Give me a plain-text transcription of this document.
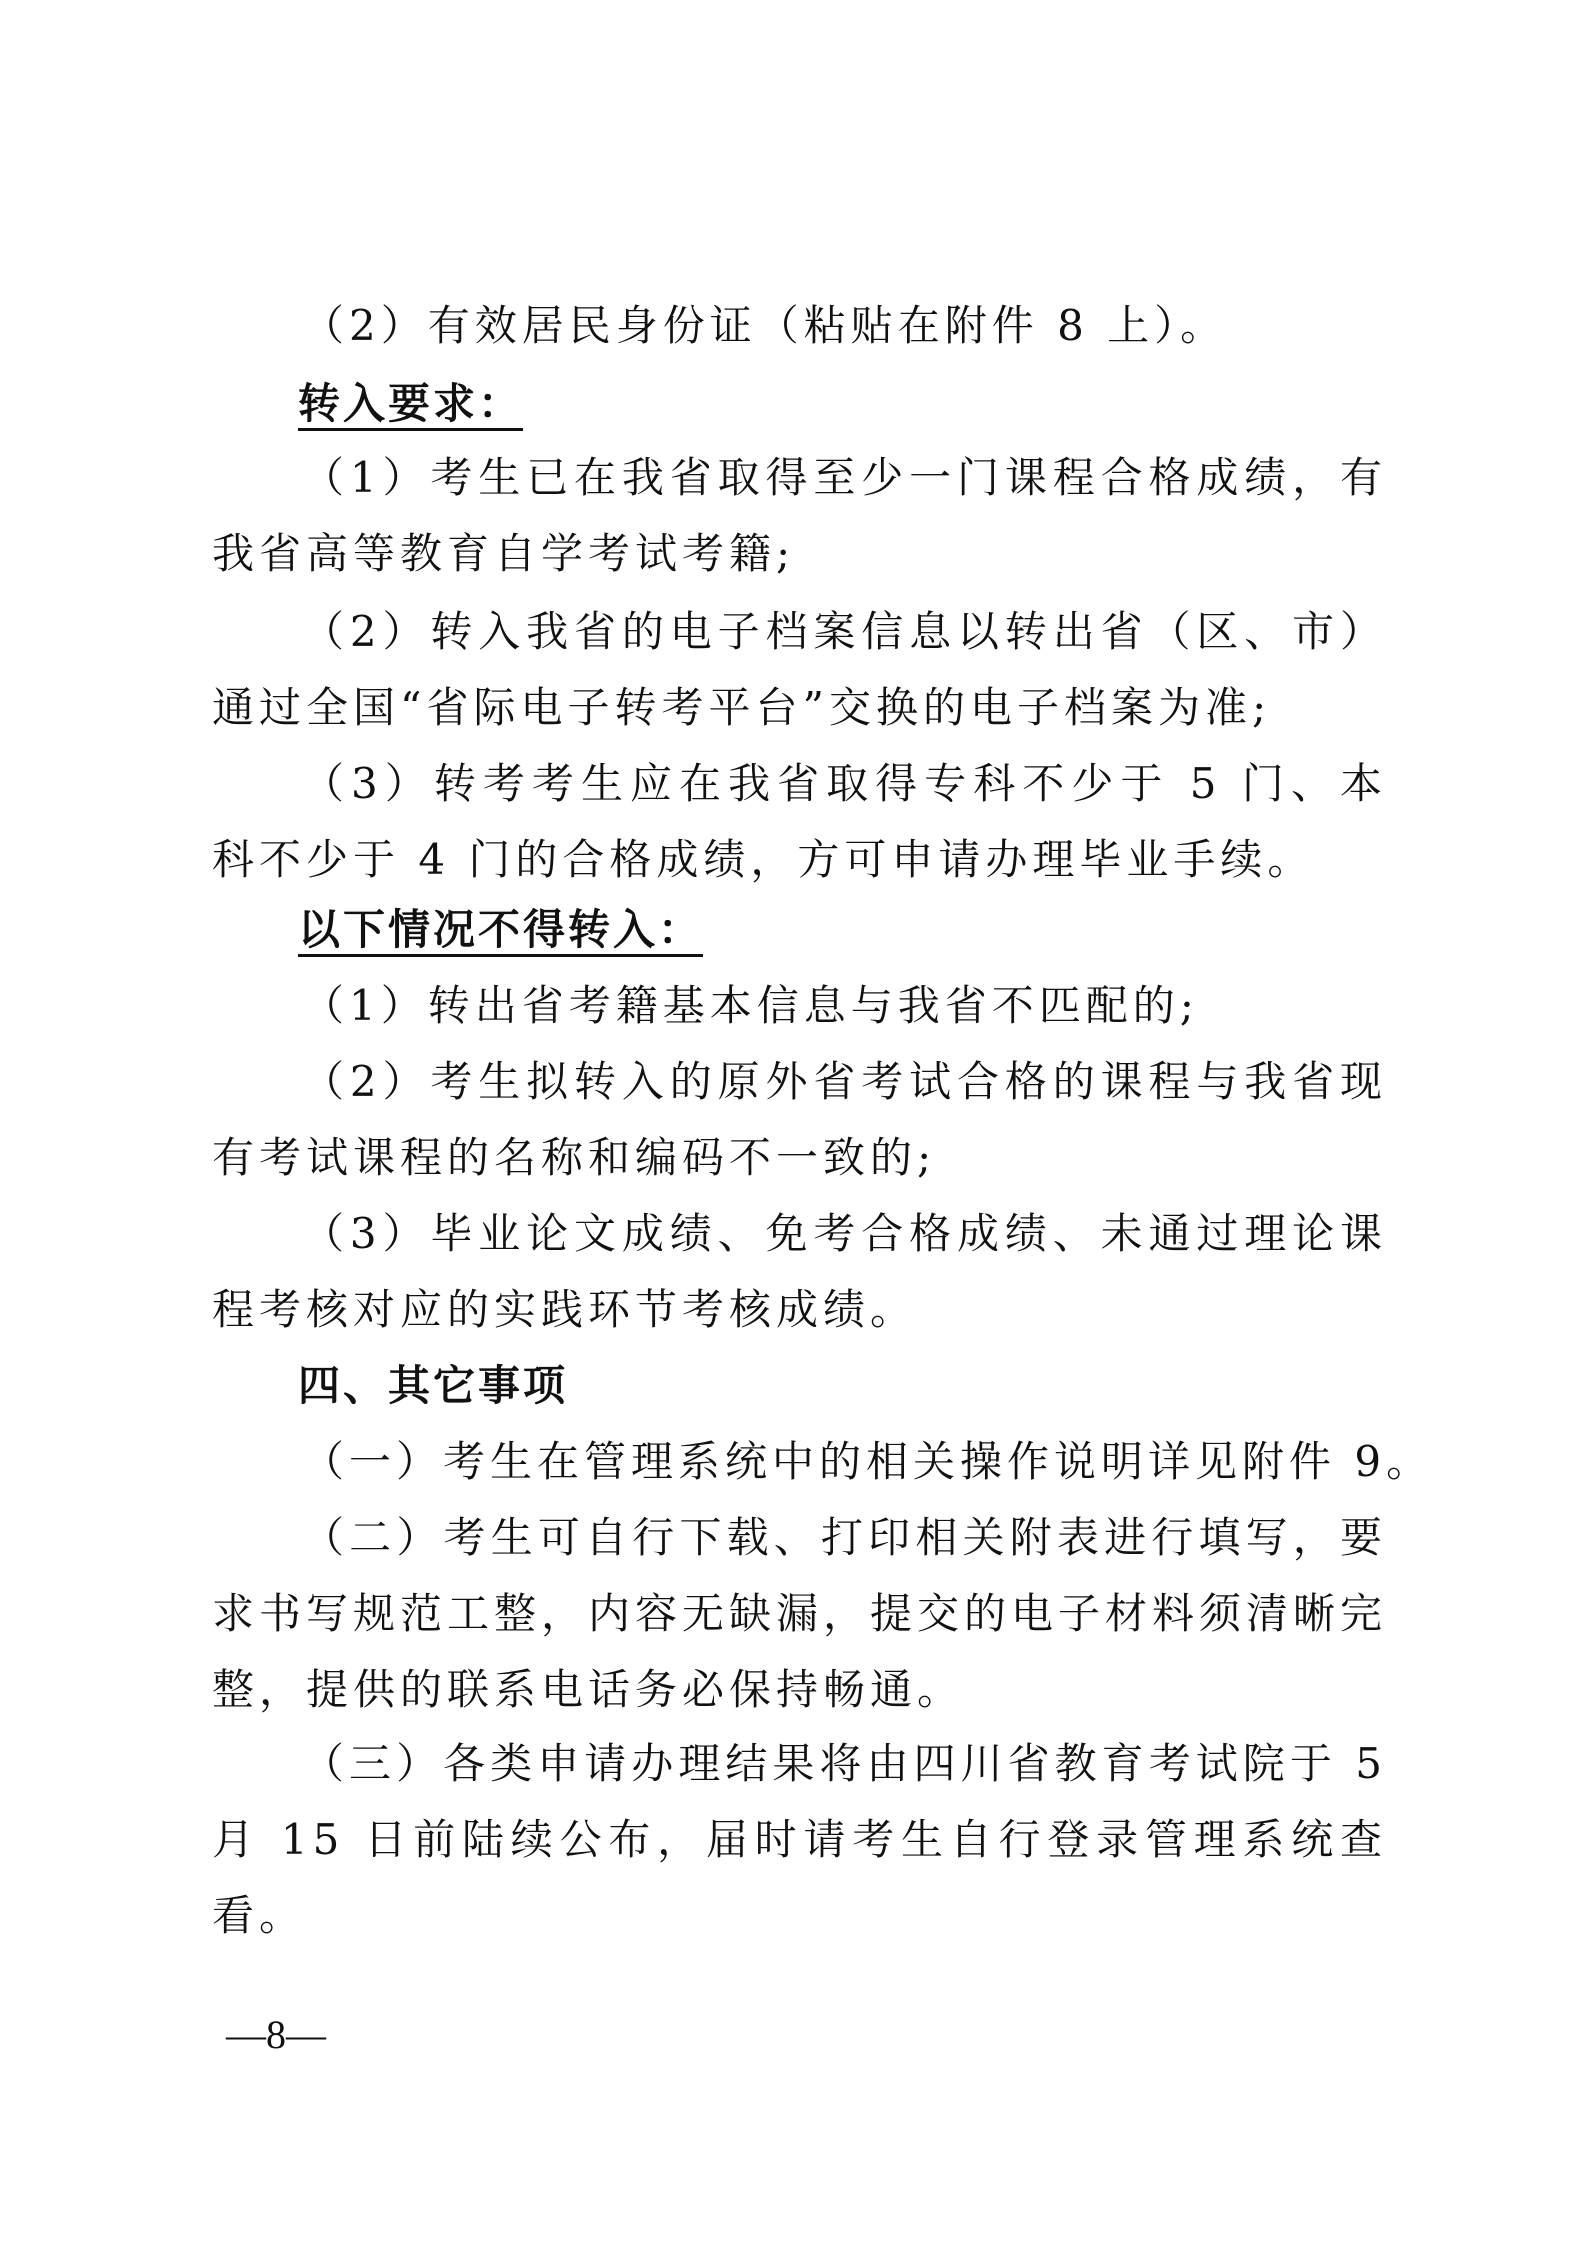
（2）有效居民身份证（粘贴在附件 8 上）。

转入要求：

（1）考生已在我省取得至少一门课程合格成绩，有我省高等教育自学考试考籍;

（2）转入我省的电子档案信息以转出省（区、市）通过全国“省际电子转考平台”交换的电子档案为准;

（3）转考考生应在我省取得专科不少于 5 门、本科不少于 4 门的合格成绩，方可申请办理毕业手续。

以下情况不得转入：

（1）转出省考籍基本信息与我省不匹配的;

（2）考生拟转入的原外省考试合格的课程与我省现有考试课程的名称和编码不一致的;

（3）毕业论文成绩、免考合格成绩、未通过理论课程考核对应的实践环节考核成绩。

四、其它事项

（一）考生在管理系统中的相关操作说明详见附件 9。

（二）考生可自行下载、打印相关附表进行填写，要求书写规范工整，内容无缺漏，提交的电子材料须清晰完整，提供的联系电话务必保持畅通。

（三）各类申请办理结果将由四川省教育考试院于 5 月 15 日前陆续公布，届时请考生自行登录管理系统查看。

—8—
